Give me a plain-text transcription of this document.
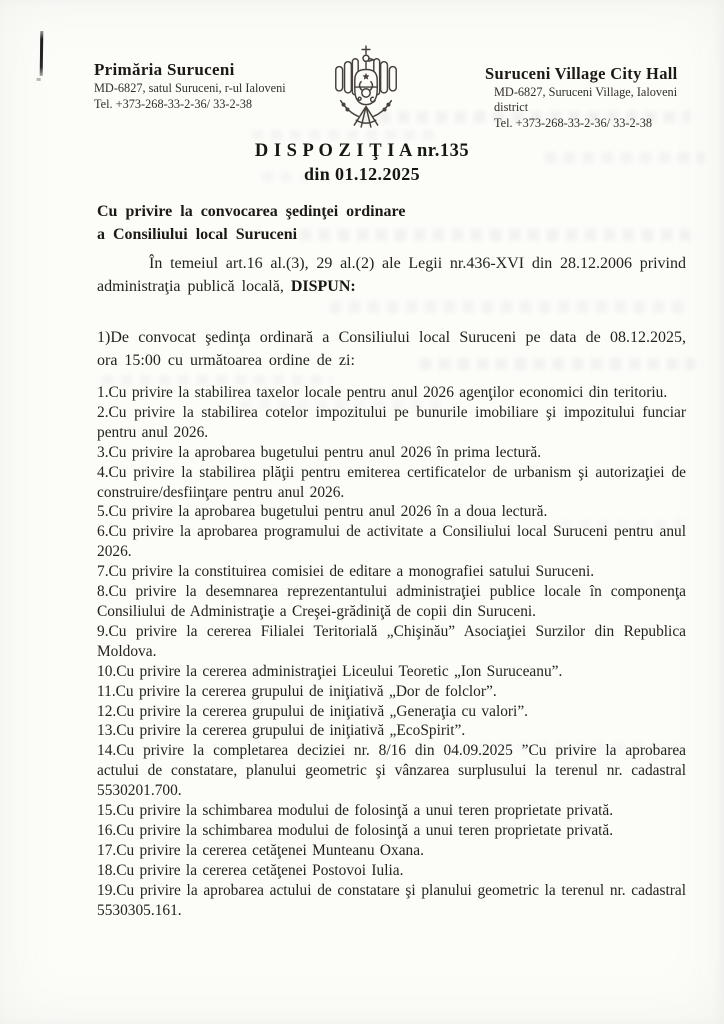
Primăria Suruceni
MD-6827, satul Suruceni, r-ul Ialoveni
Tel. +373-268-33-2-36/ 33-2-38
Suruceni Village City Hall
MD-6827, Suruceni Village, Ialoveni district
Tel. +373-268-33-2-36/ 33-2-38
D I S P O Z I Ţ I A nr.135
din 01.12.2025
Cu privire la convocarea şedinţei ordinare
a Consiliului local Suruceni

În temeiul art.16 al.(3), 29 al.(2) ale Legii nr.436-XVI din 28.12.2006 privind administraţia publică locală, DISPUN:

1)De convocat şedinţa ordinară a Consiliului local Suruceni pe data de 08.12.2025, ora 15:00 cu următoarea ordine de zi:

1.Cu privire la stabilirea taxelor locale pentru anul 2026 agenţilor economici din teritoriu.

2.Cu privire la stabilirea cotelor impozitului pe bunurile imobiliare şi impozitului funciar pentru anul 2026.

3.Cu privire la aprobarea bugetului pentru anul 2026 în prima lectură.

4.Cu privire la stabilirea plăţii pentru emiterea certificatelor de urbanism şi autorizaţiei de construire/desfiinţare pentru anul 2026.

5.Cu privire la aprobarea bugetului pentru anul 2026 în a doua lectură.

6.Cu privire la aprobarea programului de activitate a Consiliului local Suruceni pentru anul 2026.

7.Cu privire la constituirea comisiei de editare a monografiei satului Suruceni.

8.Cu privire la desemnarea reprezentantului administraţiei publice locale în componenţa Consiliului de Administraţie a Creşei-grădiniţă de copii din Suruceni.

9.Cu privire la cererea Filialei Teritorială „Chişinău” Asociaţiei Surzilor din Republica Moldova.

10.Cu privire la cererea administraţiei Liceului Teoretic „Ion Suruceanu”.

11.Cu privire la cererea grupului de iniţiativă „Dor de folclor”.

12.Cu privire la cererea grupului de iniţiativă „Generaţia cu valori”.

13.Cu privire la cererea grupului de iniţiativă „EcoSpirit”.

14.Cu privire la completarea deciziei nr. 8/16 din 04.09.2025 ”Cu privire la aprobarea actului de constatare, planului geometric şi vânzarea surplusului la terenul nr. cadastral 5530201.700.

15.Cu privire la schimbarea modului de folosinţă a unui teren proprietate privată.

16.Cu privire la schimbarea modului de folosinţă a unui teren proprietate privată.

17.Cu privire la cererea cetăţenei Munteanu Oxana.

18.Cu privire la cererea cetăţenei Postovoi Iulia.

19.Cu privire la aprobarea actului de constatare şi planului geometric la terenul nr. cadastral 5530305.161.
